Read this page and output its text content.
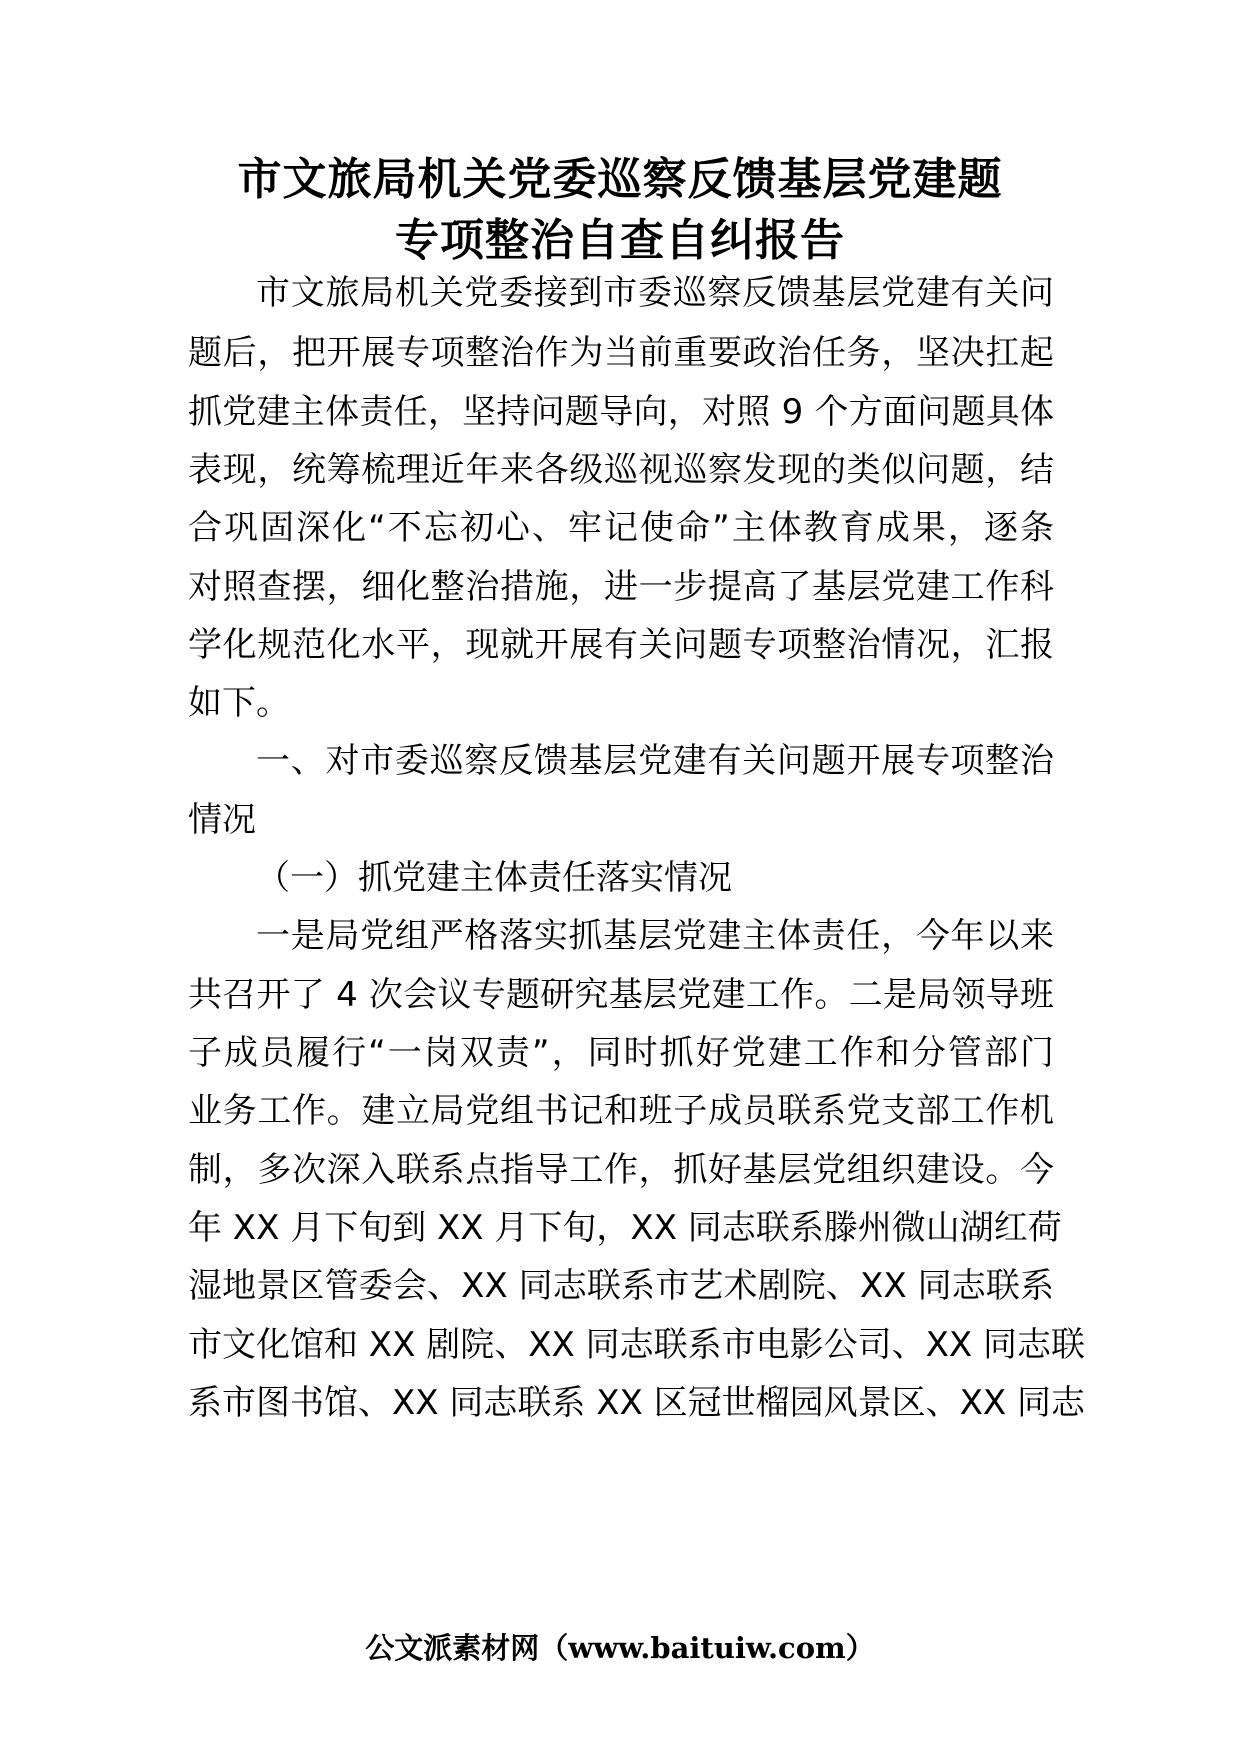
市文旅局机关党委巡察反馈基层党建题
专项整治自查自纠报告
市文旅局机关党委接到市委巡察反馈基层党建有关问
题后，把开展专项整治作为当前重要政治任务，坚决扛起
抓党建主体责任，坚持问题导向，对照 9 个方面问题具体
表现，统筹梳理近年来各级巡视巡察发现的类似问题，结
合巩固深化“不忘初心、牢记使命”主体教育成果，逐条
对照查摆，细化整治措施，进一步提高了基层党建工作科
学化规范化水平，现就开展有关问题专项整治情况，汇报
如下。
一、对市委巡察反馈基层党建有关问题开展专项整治
情况
（一）抓党建主体责任落实情况
一是局党组严格落实抓基层党建主体责任，今年以来
共召开了 4 次会议专题研究基层党建工作。二是局领导班
子成员履行“一岗双责”，同时抓好党建工作和分管部门
业务工作。建立局党组书记和班子成员联系党支部工作机
制，多次深入联系点指导工作，抓好基层党组织建设。今
年 XX 月下旬到 XX 月下旬，XX 同志联系滕州微山湖红荷
湿地景区管委会、XX 同志联系市艺术剧院、XX 同志联系
市文化馆和 XX 剧院、XX 同志联系市电影公司、XX 同志联
系市图书馆、XX 同志联系 XX 区冠世榴园风景区、XX 同志
公文派素材网（www.baituiw.com）
